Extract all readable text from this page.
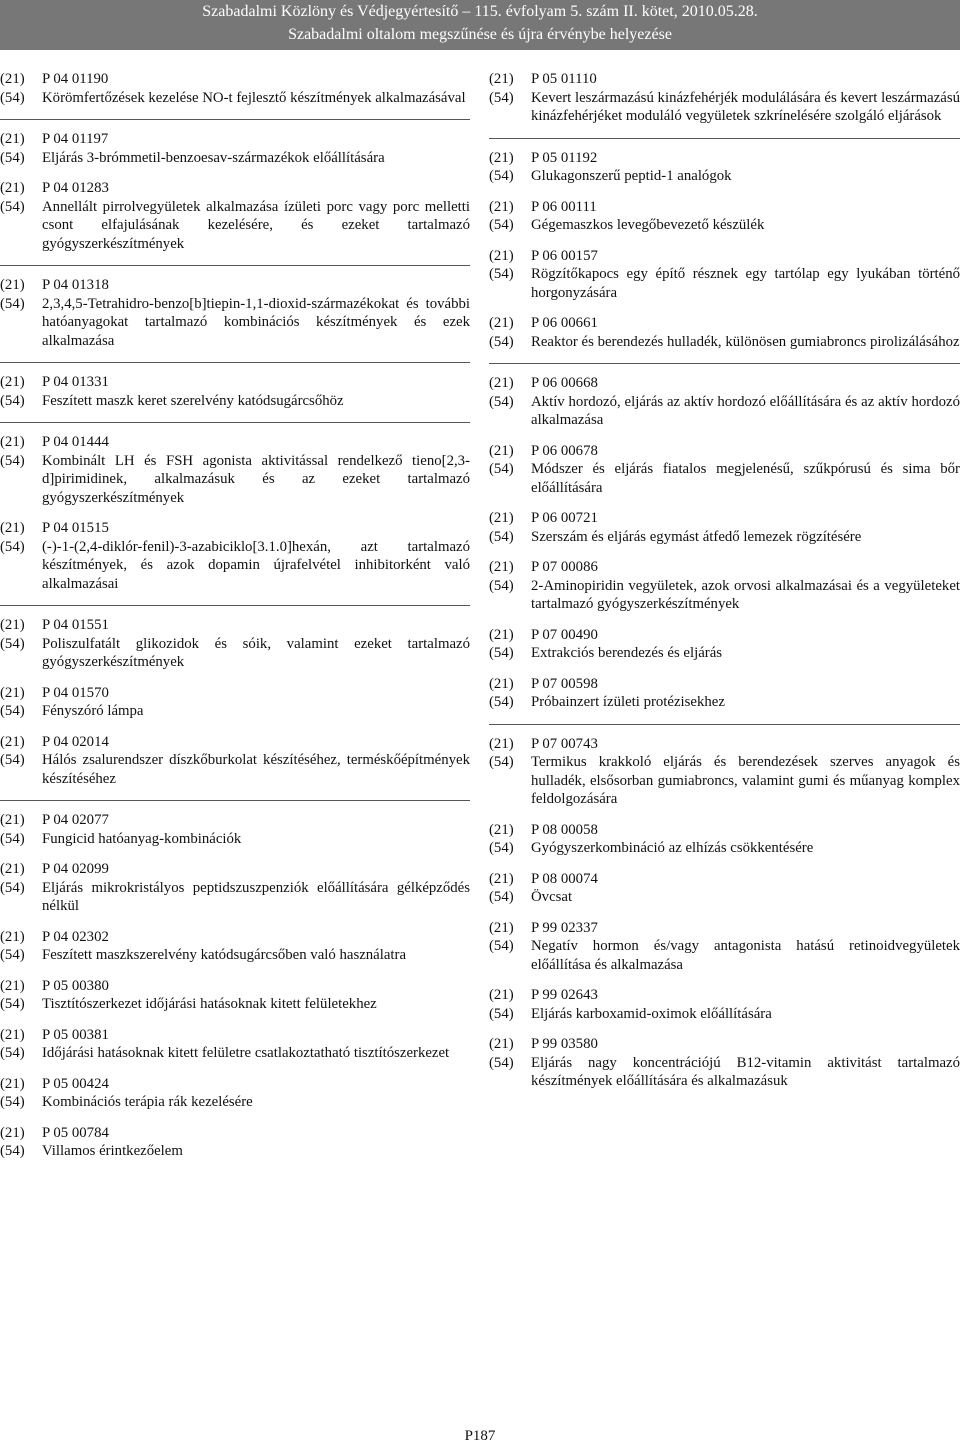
Szabadalmi Közlöny és Védjegyértesítő – 115. évfolyam 5. szám II. kötet, 2010.05.28.
Szabadalmi oltalom megszűnése és újra érvénybe helyezése
(21)	P 04 01190
(54)	Körömfertőzések kezelése NO-t fejlesztő készítmények alkalmazásával
(21)	P 04 01197
(54)	Eljárás 3-brómmetil-benzoesav-származékok előállítására
(21)	P 04 01283
(54)	Annellált pirrolvegyületek alkalmazása ízületi porc vagy porc melletti csont elfajulásának kezelésére, és ezeket tartalmazó gyógyszerkészítmények
(21)	P 04 01318
(54)	2,3,4,5-Tetrahidro-benzo[b]tiepin-1,1-dioxid-származékokat és további hatóanyagokat tartalmazó kombinációs készítmények és ezek alkalmazása
(21)	P 04 01331
(54)	Feszített maszk keret szerelvény katódsugárcsőhöz
(21)	P 04 01444
(54)	Kombinált LH és FSH agonista aktivitással rendelkező tieno[2,3-d]pirimidinek, alkalmazásuk és az ezeket tartalmazó gyógyszerkészítmények
(21)	P 04 01515
(54)	(-)-1-(2,4-diklór-fenil)-3-azabiciklo[3.1.0]hexán, azt tartalmazó készítmények, és azok dopamin újrafelvétel inhibitorként való alkalmazásai
(21)	P 04 01551
(54)	Poliszulfatált glikozidok és sóik, valamint ezeket tartalmazó gyógyszerkészítmények
(21)	P 04 01570
(54)	Fényszóró lámpa
(21)	P 04 02014
(54)	Hálós zsalurendszer díszkőburkolat készítéséhez, terméskőépítmények készítéséhez
(21)	P 04 02077
(54)	Fungicid hatóanyag-kombinációk
(21)	P 04 02099
(54)	Eljárás mikrokristályos peptidszuszpenziók előállítására gélképződés nélkül
(21)	P 04 02302
(54)	Feszített maszkszerelvény katódsugárcsőben való használatra
(21)	P 05 00380
(54)	Tisztítószerkezet időjárási hatásoknak kitett felületekhez
(21)	P 05 00381
(54)	Időjárási hatásoknak kitett felületre csatlakoztatható tisztítószerkezet
(21)	P 05 00424
(54)	Kombinációs terápia rák kezelésére
(21)	P 05 00784
(54)	Villamos érintkezőelem
(21)	P 05 01110
(54)	Kevert leszármazású kinázfehérjék modulálására és kevert leszármazású kinázfehérjéket moduláló vegyületek szkrínelésére szolgáló eljárások
(21)	P 05 01192
(54)	Glukagonszerű peptid-1 analógok
(21)	P 06 00111
(54)	Gégemaszkos levegőbevezető készülék
(21)	P 06 00157
(54)	Rögzítőkapocs egy építő résznek egy tartólap egy lyukában történő horgonyzására
(21)	P 06 00661
(54)	Reaktor és berendezés hulladék, különösen gumiabroncs pirolizálásához
(21)	P 06 00668
(54)	Aktív hordozó, eljárás az aktív hordozó előállítására és az aktív hordozó alkalmazása
(21)	P 06 00678
(54)	Módszer és eljárás fiatalos megjelenésű, szűkpórusú és sima bőr előállítására
(21)	P 06 00721
(54)	Szerszám és eljárás egymást átfedő lemezek rögzítésére
(21)	P 07 00086
(54)	2-Aminopiridin vegyületek, azok orvosi alkalmazásai és a vegyületeket tartalmazó gyógyszerkészítmények
(21)	P 07 00490
(54)	Extrakciós berendezés és eljárás
(21)	P 07 00598
(54)	Próbainzert ízületi protézisekhez
(21)	P 07 00743
(54)	Termikus krakkoló eljárás és berendezések szerves anyagok és hulladék, elsősorban gumiabroncs, valamint gumi és műanyag komplex feldolgozására
(21)	P 08 00058
(54)	Gyógyszerkombináció az elhízás csökkentésére
(21)	P 08 00074
(54)	Övcsat
(21)	P 99 02337
(54)	Negatív hormon és/vagy antagonista hatású retinoidvegyületek előállítása és alkalmazása
(21)	P 99 02643
(54)	Eljárás karboxamid-oximok előállítására
(21)	P 99 03580
(54)	Eljárás nagy koncentrációjú B12-vitamin aktivitást tartalmazó készítmények előállítására és alkalmazásuk
P187
